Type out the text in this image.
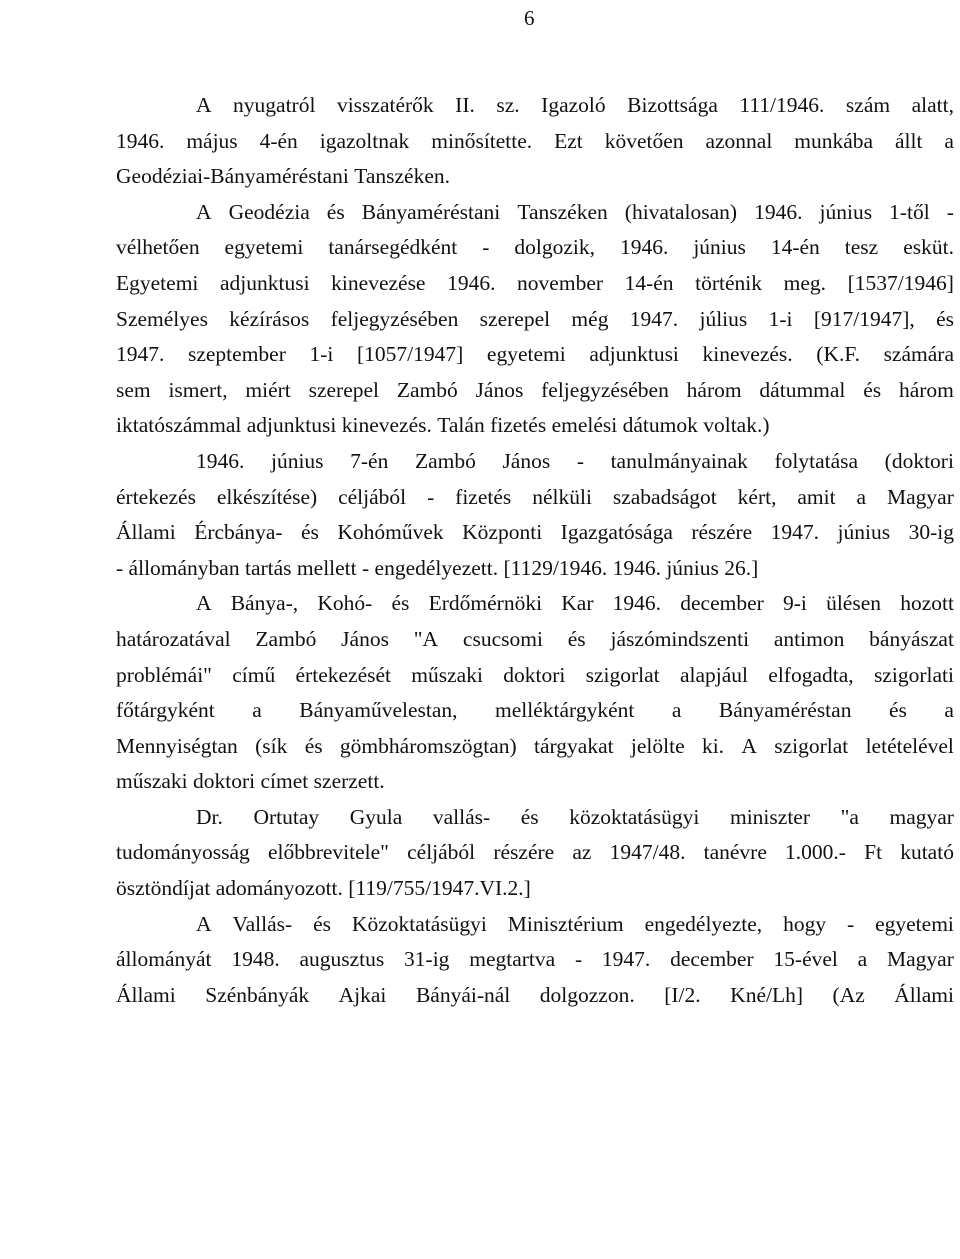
6
A nyugatról visszatérők II. sz. Igazoló Bizottsága 111/1946. szám alatt,
1946. május 4-én igazoltnak minősítette. Ezt követően azonnal munkába állt a
Geodéziai-Bányaméréstani Tanszéken.
A Geodézia és Bányaméréstani Tanszéken (hivatalosan) 1946. június 1-től -
vélhetően egyetemi tanársegédként - dolgozik, 1946. június 14-én tesz esküt.
Egyetemi adjunktusi kinevezése 1946. november 14-én történik meg. [1537/1946]
Személyes kézírásos feljegyzésében szerepel még 1947. július 1-i [917/1947], és
1947. szeptember 1-i [1057/1947] egyetemi adjunktusi kinevezés. (K.F. számára
sem ismert, miért szerepel Zambó János feljegyzésében három dátummal és három
iktatószámmal adjunktusi kinevezés. Talán fizetés emelési dátumok voltak.)
1946. június 7-én Zambó János - tanulmányainak folytatása (doktori
értekezés elkészítése) céljából - fizetés nélküli szabadságot kért, amit a Magyar
Állami Ércbánya- és Kohóművek Központi Igazgatósága részére 1947. június 30-ig
- állományban tartás mellett - engedélyezett. [1129/1946. 1946. június 26.]
A Bánya-, Kohó- és Erdőmérnöki Kar 1946. december 9-i ülésen hozott
határozatával Zambó János "A csucsomi és jászómindszenti antimon bányászat
problémái" című értekezését műszaki doktori szigorlat alapjául elfogadta, szigorlati
főtárgyként a Bányaművelestan, melléktárgyként a Bányaméréstan és a
Mennyiségtan (sík és gömbháromszögtan) tárgyakat jelölte ki. A szigorlat letételével
műszaki doktori címet szerzett.
Dr. Ortutay Gyula vallás- és közoktatásügyi miniszter "a magyar
tudományosság előbbrevitele" céljából részére az 1947/48. tanévre 1.000.- Ft kutató
ösztöndíjat adományozott. [119/755/1947.VI.2.]
A Vallás- és Közoktatásügyi Minisztérium engedélyezte, hogy - egyetemi
állományát 1948. augusztus 31-ig megtartva - 1947. december 15-ével a Magyar
Állami Szénbányák Ajkai Bányái-nál dolgozzon. [I/2. Kné/Lh] (Az Állami
